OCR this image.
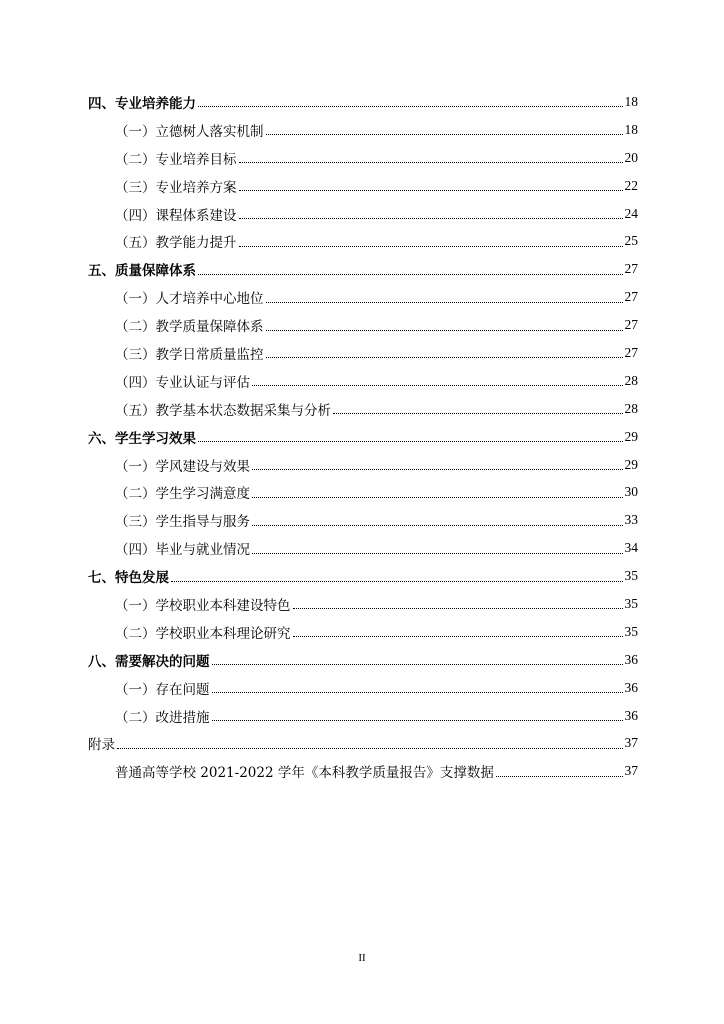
四、专业培养能力	18
（一）立德树人落实机制	18
（二）专业培养目标	20
（三）专业培养方案	22
（四）课程体系建设	24
（五）教学能力提升	25
五、质量保障体系	27
（一）人才培养中心地位	27
（二）教学质量保障体系	27
（三）教学日常质量监控	27
（四）专业认证与评估	28
（五）教学基本状态数据采集与分析	28
六、学生学习效果	29
（一）学风建设与效果	29
（二）学生学习满意度	30
（三）学生指导与服务	33
（四）毕业与就业情况	34
七、特色发展	35
（一）学校职业本科建设特色	35
（二）学校职业本科理论研究	35
八、需要解决的问题	36
（一）存在问题	36
（二）改进措施	36
附录	37
普通高等学校 2021-2022 学年《本科教学质量报告》支撑数据	37
II
